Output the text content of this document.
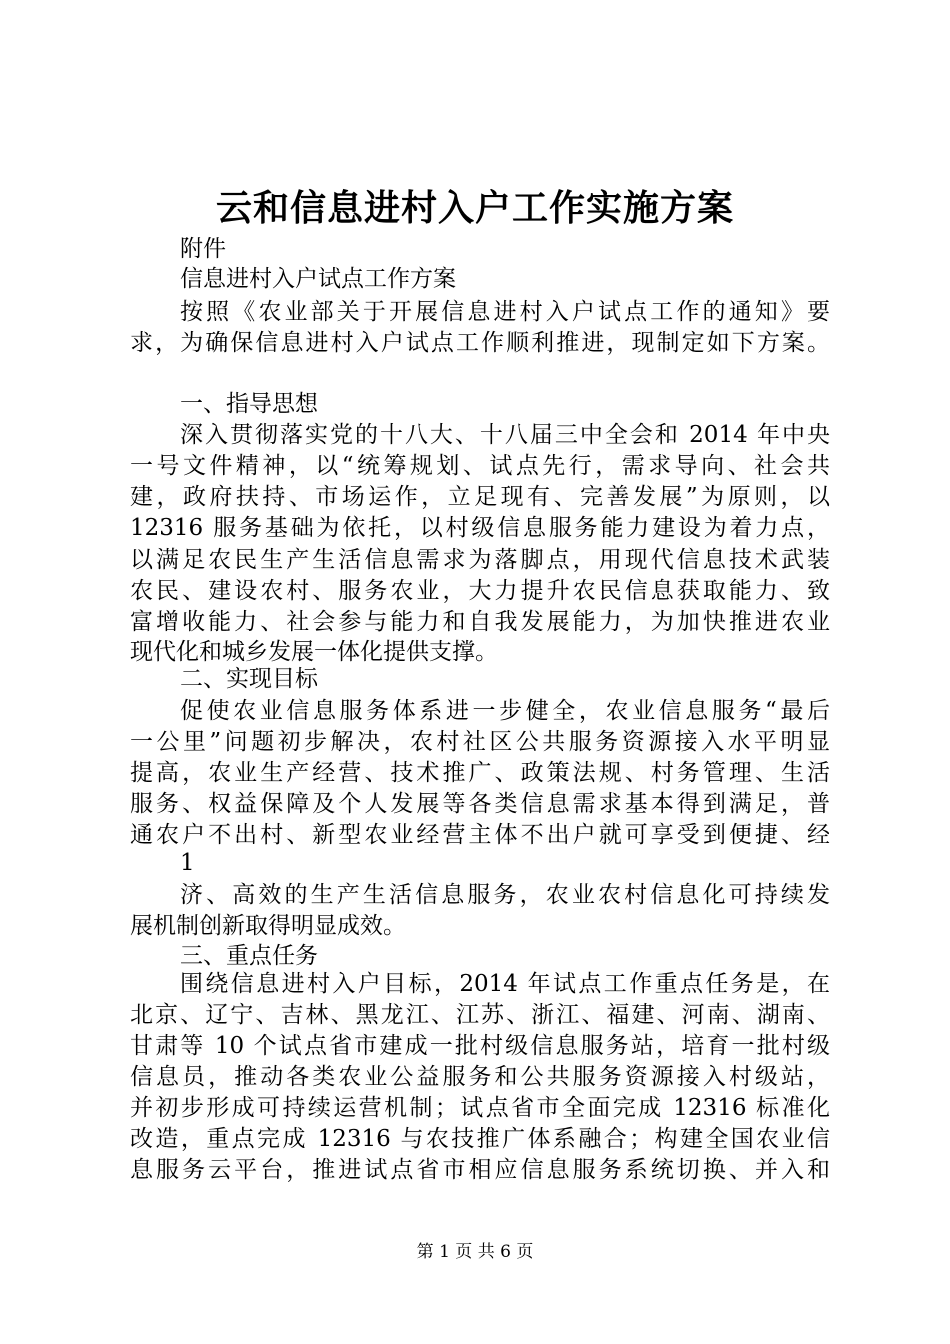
云和信息进村入户工作实施方案
附件
信息进村入户试点工作方案
按照《农业部关于开展信息进村入户试点工作的通知》要
求，为确保信息进村入户试点工作顺利推进，现制定如下方案。
一、指导思想
深入贯彻落实党的十八大、十八届三中全会和 2014 年中央
一号文件精神，以“统筹规划、试点先行，需求导向、社会共
建，政府扶持、市场运作，立足现有、完善发展”为原则，以
12316 服务基础为依托，以村级信息服务能力建设为着力点，
以满足农民生产生活信息需求为落脚点，用现代信息技术武装
农民、建设农村、服务农业，大力提升农民信息获取能力、致
富增收能力、社会参与能力和自我发展能力，为加快推进农业
现代化和城乡发展一体化提供支撑。
二、实现目标
促使农业信息服务体系进一步健全，农业信息服务“最后
一公里”问题初步解决，农村社区公共服务资源接入水平明显
提高，农业生产经营、技术推广、政策法规、村务管理、生活
服务、权益保障及个人发展等各类信息需求基本得到满足，普
通农户不出村、新型农业经营主体不出户就可享受到便捷、经
1
济、高效的生产生活信息服务，农业农村信息化可持续发
展机制创新取得明显成效。
三、重点任务
围绕信息进村入户目标，2014 年试点工作重点任务是，在
北京、辽宁、吉林、黑龙江、江苏、浙江、福建、河南、湖南、
甘肃等 10 个试点省市建成一批村级信息服务站，培育一批村级
信息员，推动各类农业公益服务和公共服务资源接入村级站，
并初步形成可持续运营机制；试点省市全面完成 12316 标准化
改造，重点完成 12316 与农技推广体系融合；构建全国农业信
息服务云平台，推进试点省市相应信息服务系统切换、并入和
第 1 页 共 6 页
